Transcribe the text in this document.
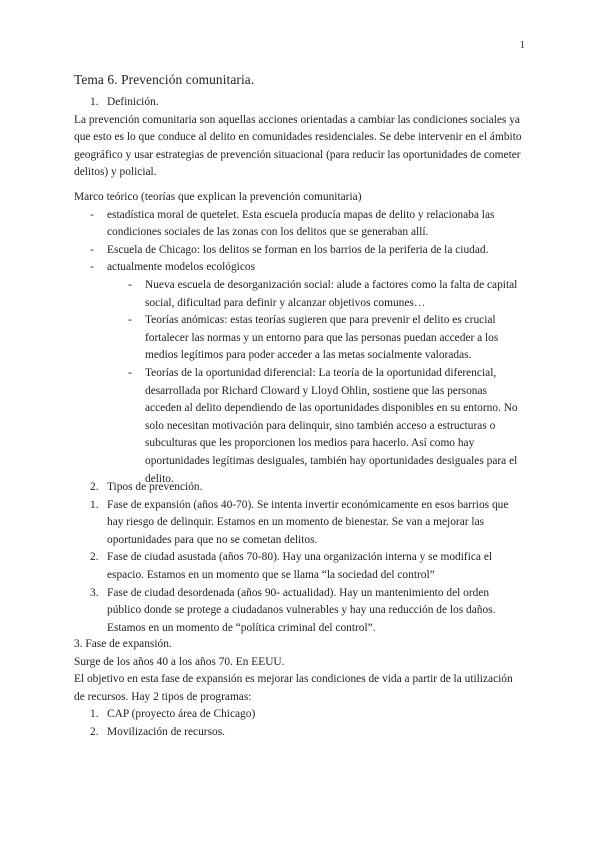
1
Tema 6. Prevención comunitaria.
1. Definición.

La prevención comunitaria son aquellas acciones orientadas a cambiar las condiciones sociales ya que esto es lo que conduce al delito en comunidades residenciales. Se debe intervenir en el ámbito geográfico y usar estrategias de prevención situacional (para reducir las oportunidades de cometer delitos) y policial.

Marco teórico (teorías que explican la prevención comunitaria)

- estadística moral de quetelet. Esta escuela producía mapas de delito y relacionaba las condiciones sociales de las zonas con los delitos que se generaban allí.
- Escuela de Chicago: los delitos se forman en los barrios de la periferia de la ciudad.
- actualmente modelos ecológicos
- Nueva escuela de desorganización social: alude a factores como la falta de capital social, dificultad para definir y alcanzar objetivos comunes…
- Teorías anómicas: estas teorías sugieren que para prevenir el delito es crucial fortalecer las normas y un entorno para que las personas puedan acceder a los medios legítimos para poder acceder a las metas socialmente valoradas.
- Teorías de la oportunidad diferencial: La teoría de la oportunidad diferencial, desarrollada por Richard Cloward y Lloyd Ohlin, sostiene que las personas acceden al delito dependiendo de las oportunidades disponibles en su entorno. No solo necesitan motivación para delinquir, sino también acceso a estructuras o subculturas que les proporcionen los medios para hacerlo. Así como hay oportunidades legítimas desiguales, también hay oportunidades desiguales para el delito.
2. Tipos de prevención.
1. Fase de expansión (años 40-70). Se intenta invertir económicamente en esos barrios que hay riesgo de delinquir. Estamos en un momento de bienestar. Se van a mejorar las oportunidades para que no se cometan delitos.
2. Fase de ciudad asustada (años 70-80). Hay una organización interna y se modifica el espacio. Estamos en un momento que se llama “la sociedad del control”
3. Fase de ciudad desordenada (años 90- actualidad). Hay un mantenimiento del orden público donde se protege a ciudadanos vulnerables y hay una reducción de los daños. Estamos en un momento de “política criminal del control”.

3. Fase de expansión.

Surge de los años 40 a los años 70. En EEUU.

El objetivo en esta fase de expansión es mejorar las condiciones de vida a partir de la utilización de recursos. Hay 2 tipos de programas:

1. CAP (proyecto área de Chicago)
2. Movilización de recursos.
